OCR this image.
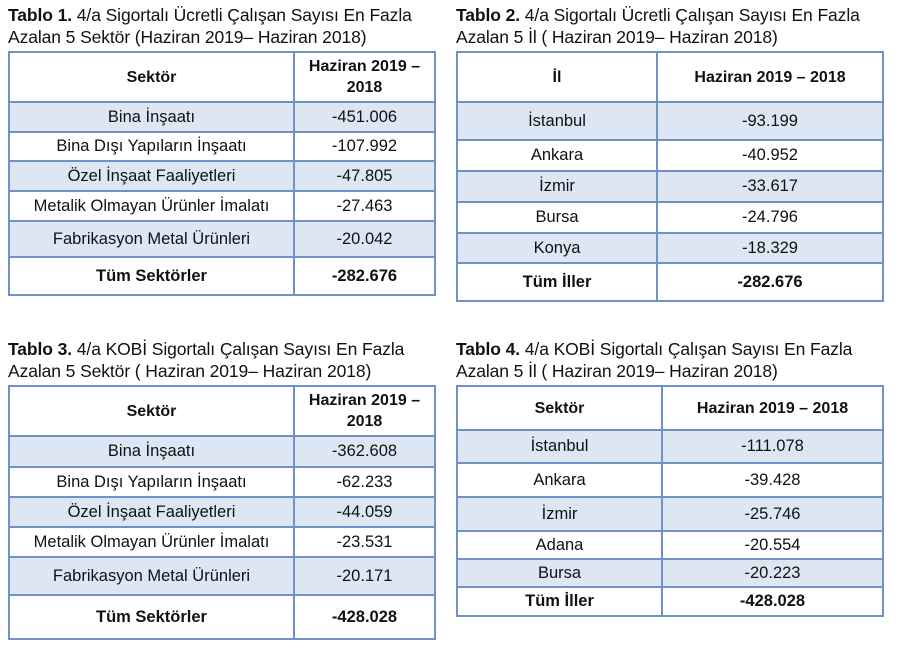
Tablo 1. 4/a Sigortalı Ücretli Çalışan Sayısı En Fazla
Azalan 5 Sektör (Haziran 2019– Haziran 2018)
Sektör	Haziran 2019 – 2018
Bina İnşaatı	-451.006
Bina Dışı Yapıların İnşaatı	-107.992
Özel İnşaat Faaliyetleri	-47.805
Metalik Olmayan Ürünler İmalatı	-27.463
Fabrikasyon Metal Ürünleri	-20.042
Tüm Sektörler	-282.676
Tablo 2. 4/a Sigortalı Ücretli Çalışan Sayısı En Fazla
Azalan 5 İl ( Haziran 2019– Haziran 2018)
İl	Haziran 2019 – 2018
İstanbul	-93.199
Ankara	-40.952
İzmir	-33.617
Bursa	-24.796
Konya	-18.329
Tüm İller	-282.676
Tablo 3. 4/a KOBİ Sigortalı Çalışan Sayısı En Fazla
Azalan 5 Sektör ( Haziran 2019– Haziran 2018)
Sektör	Haziran 2019 – 2018
Bina İnşaatı	-362.608
Bina Dışı Yapıların İnşaatı	-62.233
Özel İnşaat Faaliyetleri	-44.059
Metalik Olmayan Ürünler İmalatı	-23.531
Fabrikasyon Metal Ürünleri	-20.171
Tüm Sektörler	-428.028
Tablo 4. 4/a KOBİ Sigortalı Çalışan Sayısı En Fazla
Azalan 5 İl ( Haziran 2019– Haziran 2018)
Sektör	Haziran 2019 – 2018
İstanbul	-111.078
Ankara	-39.428
İzmir	-25.746
Adana	-20.554
Bursa	-20.223
Tüm İller	-428.028
